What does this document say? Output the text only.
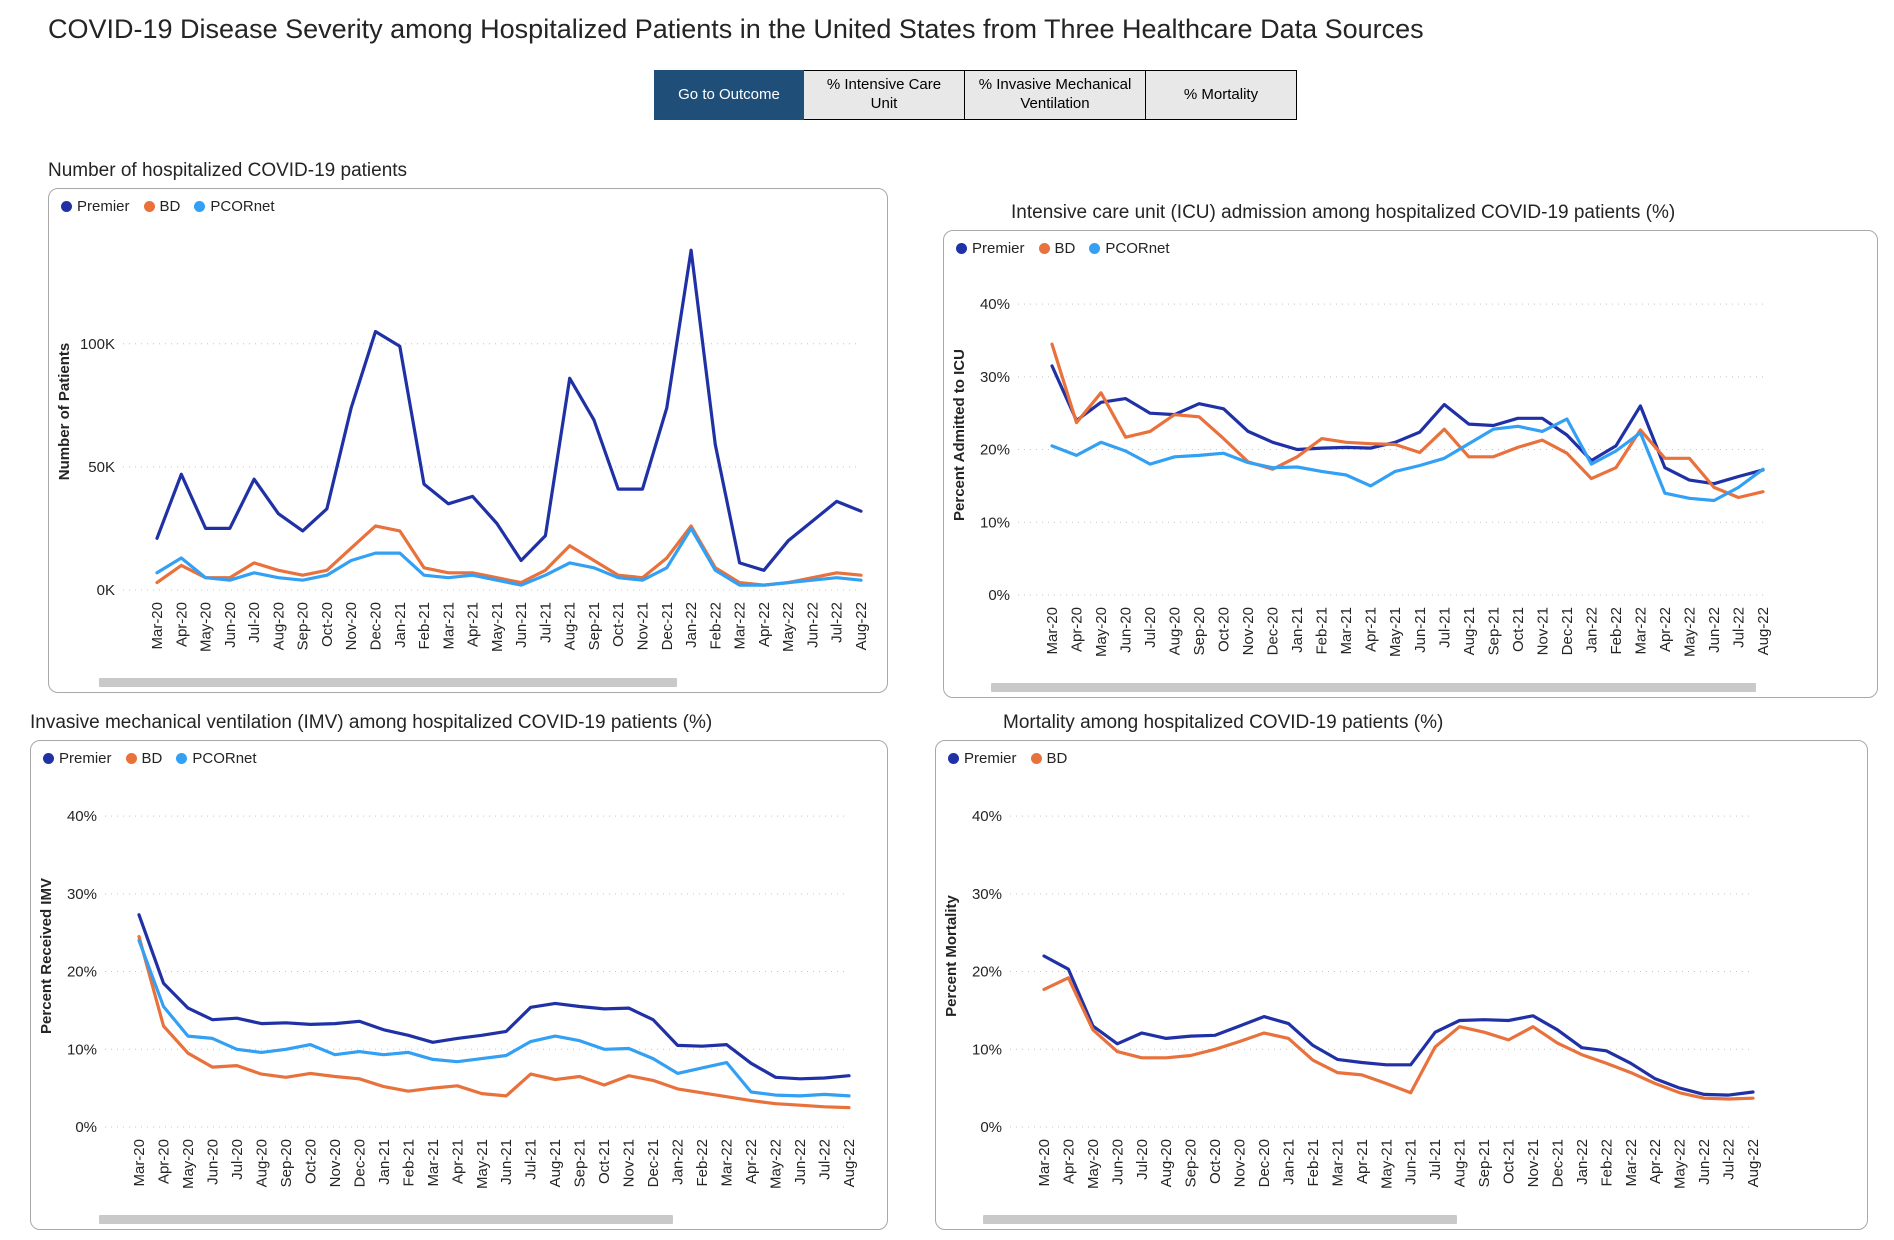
COVID-19 Disease Severity among Hospitalized Patients in the United States from Three Healthcare Data Sources
Go to Outcome
% Intensive Care Unit
% Invasive Mechanical Ventilation
% Mortality
Number of hospitalized COVID-19 patients
Premier BD PCORnet
0K
50K
100K
Number of Patients
Mar-20 Apr-20 May-20 Jun-20 Jul-20 Aug-20 Sep-20 Oct-20 Nov-20 Dec-20 Jan-21 Feb-21 Mar-21 Apr-21 May-21 Jun-21 Jul-21 Aug-21 Sep-21 Oct-21 Nov-21 Dec-21 Jan-22 Feb-22 Mar-22 Apr-22 May-22 Jun-22 Jul-22 Aug-22
Intensive care unit (ICU) admission among hospitalized COVID-19 patients (%)
Premier BD PCORnet
0%
10%
20%
30%
40%
Percent Admitted to ICU
Mar-20 Apr-20 May-20 Jun-20 Jul-20 Aug-20 Sep-20 Oct-20 Nov-20 Dec-20 Jan-21 Feb-21 Mar-21 Apr-21 May-21 Jun-21 Jul-21 Aug-21 Sep-21 Oct-21 Nov-21 Dec-21 Jan-22 Feb-22 Mar-22 Apr-22 May-22 Jun-22 Jul-22 Aug-22
Invasive mechanical ventilation (IMV) among hospitalized COVID-19 patients (%)
Premier BD PCORnet
0%
10%
20%
30%
40%
Percent Received IMV
Mar-20 Apr-20 May-20 Jun-20 Jul-20 Aug-20 Sep-20 Oct-20 Nov-20 Dec-20 Jan-21 Feb-21 Mar-21 Apr-21 May-21 Jun-21 Jul-21 Aug-21 Sep-21 Oct-21 Nov-21 Dec-21 Jan-22 Feb-22 Mar-22 Apr-22 May-22 Jun-22 Jul-22 Aug-22
Mortality among hospitalized COVID-19 patients (%)
Premier BD
0%
10%
20%
30%
40%
Percent Mortality
Mar-20 Apr-20 May-20 Jun-20 Jul-20 Aug-20 Sep-20 Oct-20 Nov-20 Dec-20 Jan-21 Feb-21 Mar-21 Apr-21 May-21 Jun-21 Jul-21 Aug-21 Sep-21 Oct-21 Nov-21 Dec-21 Jan-22 Feb-22 Mar-22 Apr-22 May-22 Jun-22 Jul-22 Aug-22
